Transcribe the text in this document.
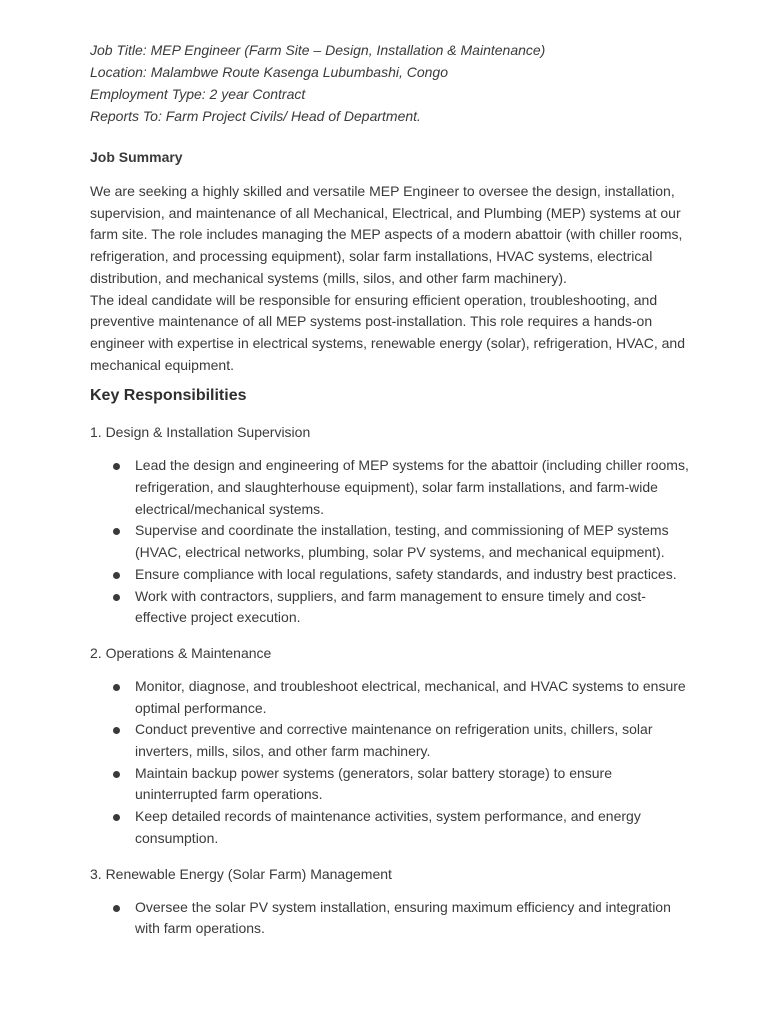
Job Title: MEP Engineer (Farm Site – Design, Installation & Maintenance)

Location: Malambwe Route Kasenga Lubumbashi, Congo

Employment Type: 2 year Contract

Reports To: Farm Project Civils/ Head of Department.

Job Summary

We are seeking a highly skilled and versatile MEP Engineer to oversee the design, installation, supervision, and maintenance of all Mechanical, Electrical, and Plumbing (MEP) systems at our farm site. The role includes managing the MEP aspects of a modern abattoir (with chiller rooms, refrigeration, and processing equipment), solar farm installations, HVAC systems, electrical distribution, and mechanical systems (mills, silos, and other farm machinery).

The ideal candidate will be responsible for ensuring efficient operation, troubleshooting, and preventive maintenance of all MEP systems post-installation. This role requires a hands-on engineer with expertise in electrical systems, renewable energy (solar), refrigeration, HVAC, and mechanical equipment.

Key Responsibilities

1. Design & Installation Supervision

Lead the design and engineering of MEP systems for the abattoir (including chiller rooms, refrigeration, and slaughterhouse equipment), solar farm installations, and farm-wide electrical/mechanical systems.
Supervise and coordinate the installation, testing, and commissioning of MEP systems (HVAC, electrical networks, plumbing, solar PV systems, and mechanical equipment).
Ensure compliance with local regulations, safety standards, and industry best practices.
Work with contractors, suppliers, and farm management to ensure timely and cost-effective project execution.

2. Operations & Maintenance

Monitor, diagnose, and troubleshoot electrical, mechanical, and HVAC systems to ensure optimal performance.
Conduct preventive and corrective maintenance on refrigeration units, chillers, solar inverters, mills, silos, and other farm machinery.
Maintain backup power systems (generators, solar battery storage) to ensure uninterrupted farm operations.
Keep detailed records of maintenance activities, system performance, and energy consumption.

3. Renewable Energy (Solar Farm) Management

Oversee the solar PV system installation, ensuring maximum efficiency and integration with farm operations.
